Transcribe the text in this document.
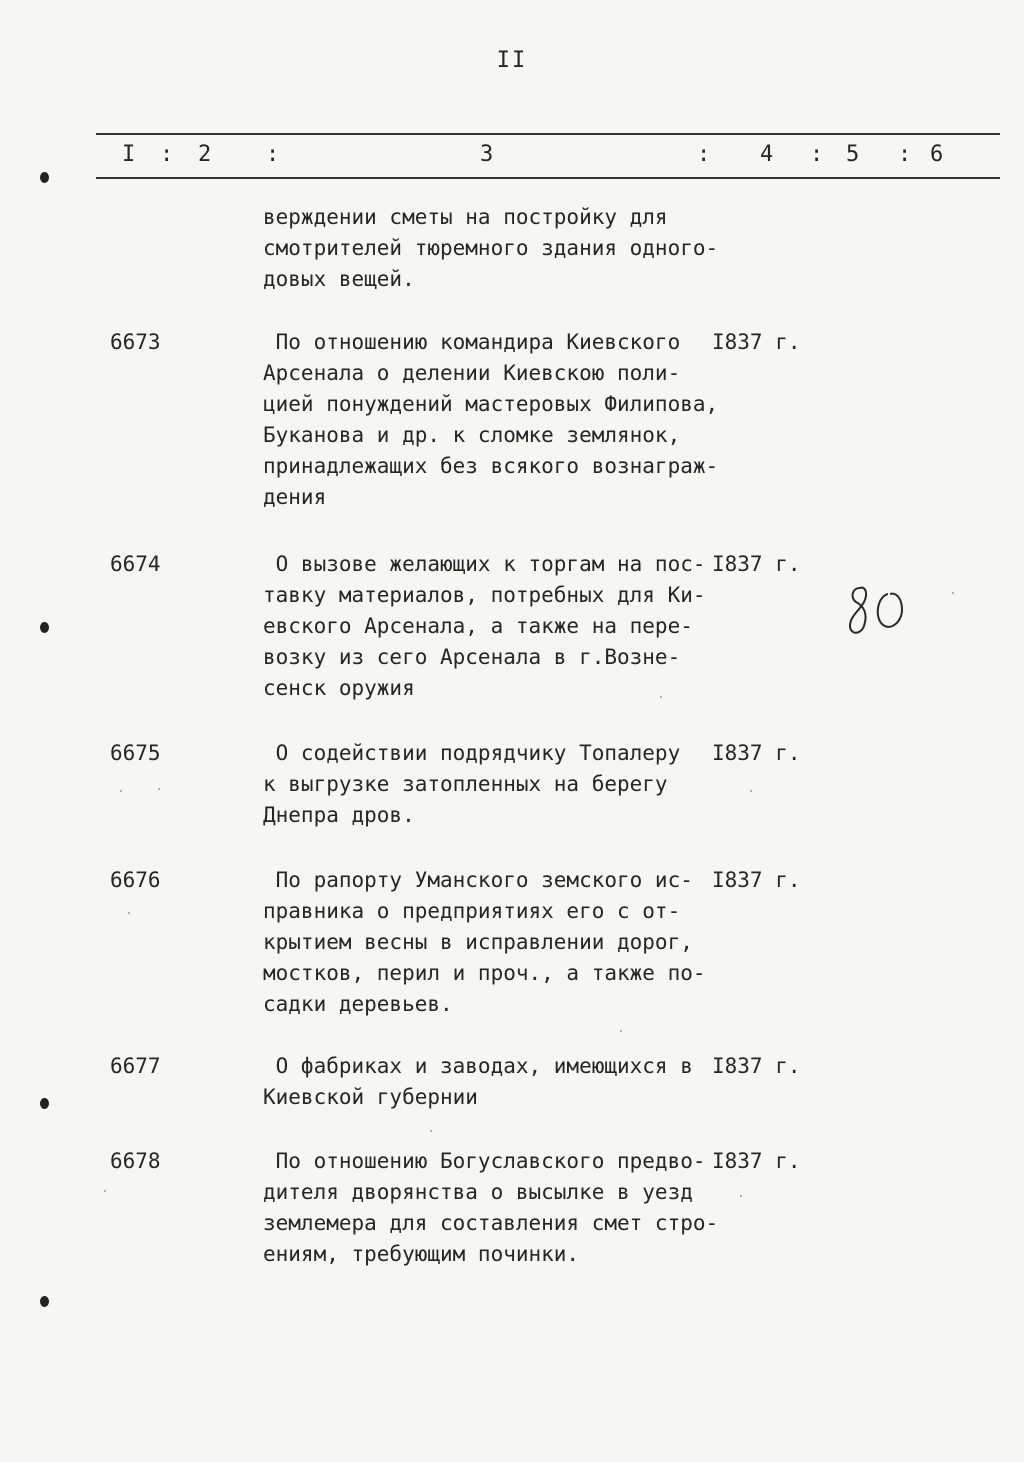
II
I : 2 :	3	: 4 : 5 : 6
верждении сметы на постройку для
смотрителей тюремного здания одного-
довых вещей.
6673	По отношению командира Киевского
Арсенала о делении Киевскою поли-
цией понуждений мастеровых Филипова,
Буканова и др. к сломке землянок,
принадлежащих без всякого вознаграж-
дения
I837 г.
6674	О вызове желающих к торгам на пос-
тавку материалов, потребных для Ки-
евского Арсенала, а также на пере-
возку из сего Арсенала в г.Возне-
сенск оружия
I837 г.
6675	О содействии подрядчику Топалеру
к выгрузке затопленных на берегу
Днепра дров.
I837 г.
6676	По рапорту Уманского земского ис-
правника о предприятиях его с от-
крытием весны в исправлении дорог,
мостков, перил и проч., а также по-
садки деревьев.
I837 г.
6677	О фабриках и заводах, имеющихся в
Киевской губернии
I837 г.
6678	По отношению Богуславского предво-
дителя дворянства о высылке в уезд
землемера для составления смет стро-
ениям, требующим починки.
I837 г.
